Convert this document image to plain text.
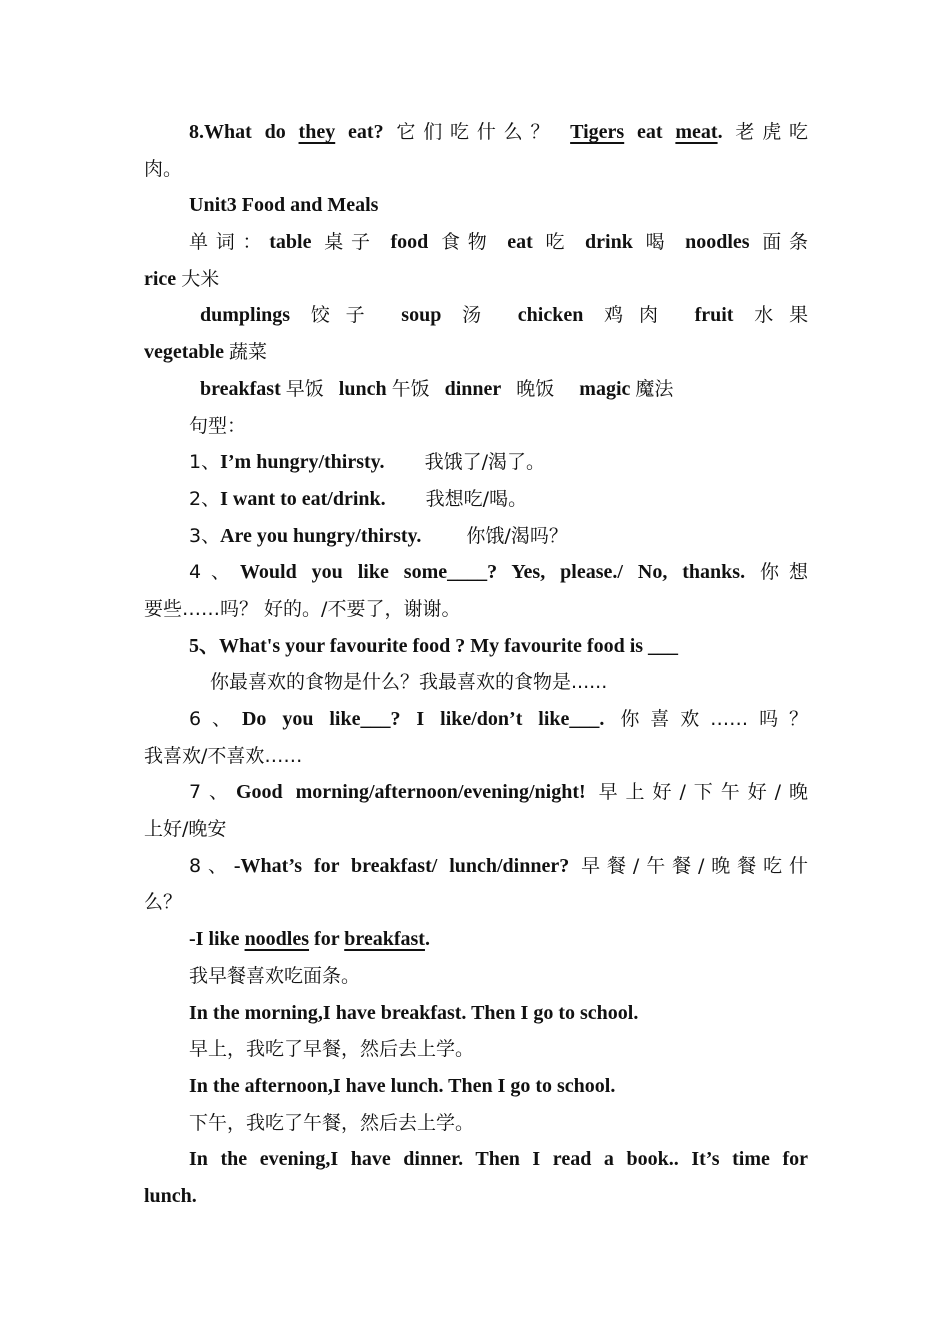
8.What do they eat? 它们吃什么？ Tigers eat meat. 老虎吃
肉。
Unit3 Food and Meals
单词：table 桌子 food 食物 eat 吃 drink 喝 noodles 面条
rice 大米
dumplings 饺子 soup 汤 chicken 鸡肉 fruit 水果
vegetable 蔬菜
breakfast 早饭 lunch 午饭 dinner 晚饭 magic 魔法
句型：
1、I’m hungry/thirsty. 我饿了/渴了。
2、I want to eat/drink. 我想吃/喝。
3、Are you hungry/thirsty. 你饿/渴吗？
4、Would you like some____? Yes, please./ No, thanks. 你想
要些……吗？ 好的。/不要了，谢谢。
5、What's your favourite food ? My favourite food is ___
你最喜欢的食物是什么？我最喜欢的食物是......
6、Do you like___? I like/don’t like___. 你喜欢……吗？
我喜欢/不喜欢……
7、Good morning/afternoon/evening/night! 早上好/下午好/晚
上好/晚安
8、-What’s for breakfast/ lunch/dinner? 早餐/午餐/晚餐吃什
么？
-I like noodles for breakfast.
我早餐喜欢吃面条。
In the morning,I have breakfast. Then I go to school.
早上，我吃了早餐，然后去上学。
In the afternoon,I have lunch. Then I go to school.
下午，我吃了午餐，然后去上学。
In the evening,I have dinner. Then I read a book.. It’s time for
lunch.
